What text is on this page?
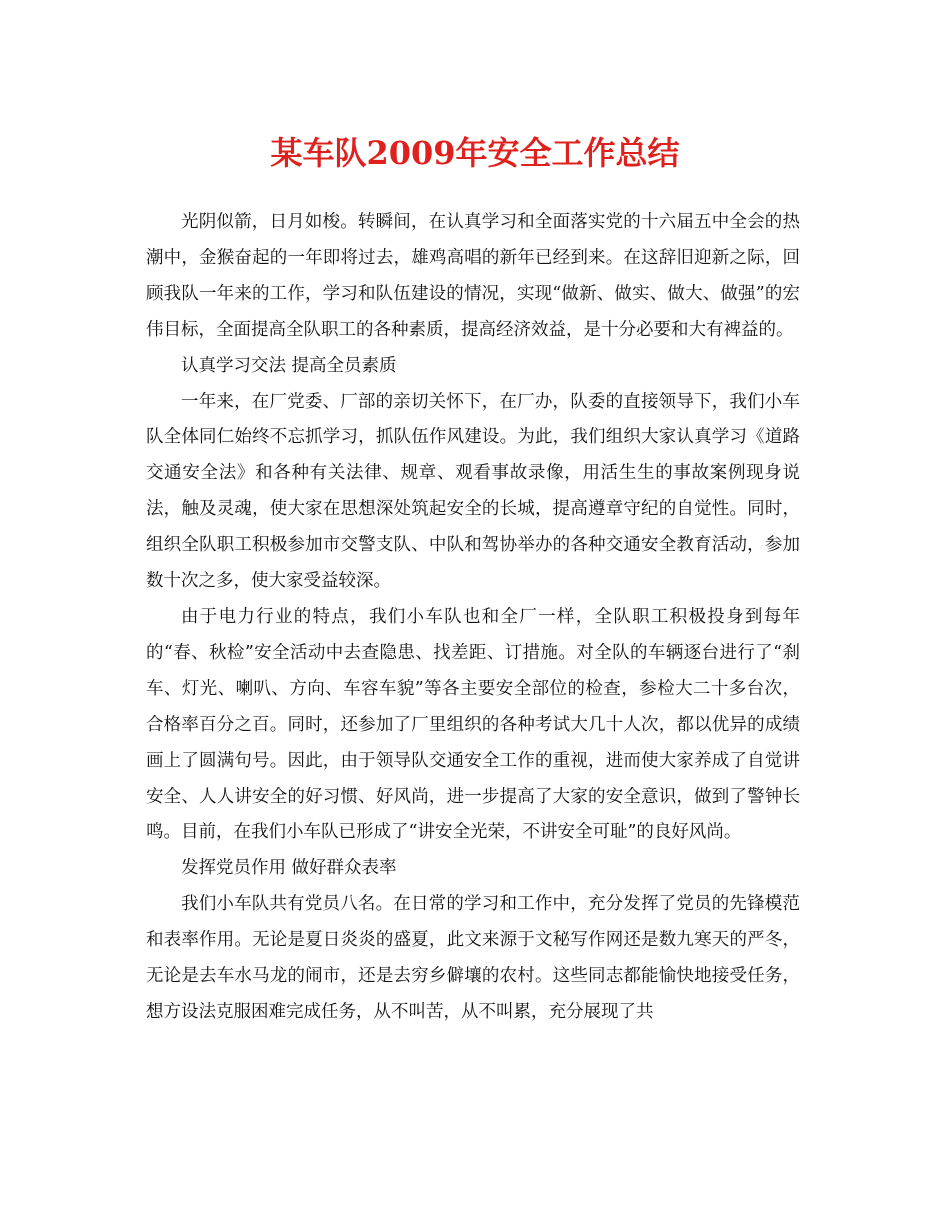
某车队2009年安全工作总结

光阴似箭，日月如梭。转瞬间，在认真学习和全面落实党的十六届五中全会的热潮中，金猴奋起的一年即将过去，雄鸡高唱的新年已经到来。在这辞旧迎新之际，回顾我队一年来的工作，学习和队伍建设的情况，实现“做新、做实、做大、做强”的宏伟目标，全面提高全队职工的各种素质，提高经济效益，是十分必要和大有裨益的。

认真学习交法 提高全员素质

一年来，在厂党委、厂部的亲切关怀下，在厂办，队委的直接领导下，我们小车队全体同仁始终不忘抓学习，抓队伍作风建设。为此，我们组织大家认真学习《道路交通安全法》和各种有关法律、规章、观看事故录像，用活生生的事故案例现身说法，触及灵魂，使大家在思想深处筑起安全的长城，提高遵章守纪的自觉性。同时，组织全队职工积极参加市交警支队、中队和驾协举办的各种交通安全教育活动，参加数十次之多，使大家受益较深。

由于电力行业的特点，我们小车队也和全厂一样，全队职工积极投身到每年的“春、秋检”安全活动中去查隐患、找差距、订措施。对全队的车辆逐台进行了“刹车、灯光、喇叭、方向、车容车貌”等各主要安全部位的检查，参检大二十多台次，合格率百分之百。同时，还参加了厂里组织的各种考试大几十人次，都以优异的成绩画上了圆满句号。因此，由于领导队交通安全工作的重视，进而使大家养成了自觉讲安全、人人讲安全的好习惯、好风尚，进一步提高了大家的安全意识，做到了警钟长鸣。目前，在我们小车队已形成了“讲安全光荣，不讲安全可耻”的良好风尚。

发挥党员作用 做好群众表率

我们小车队共有党员八名。在日常的学习和工作中，充分发挥了党员的先锋模范和表率作用。无论是夏日炎炎的盛夏，此文来源于文秘写作网还是数九寒天的严冬，无论是去车水马龙的闹市，还是去穷乡僻壤的农村。这些同志都能愉快地接受任务，想方设法克服困难完成任务，从不叫苦，从不叫累，充分展现了共
